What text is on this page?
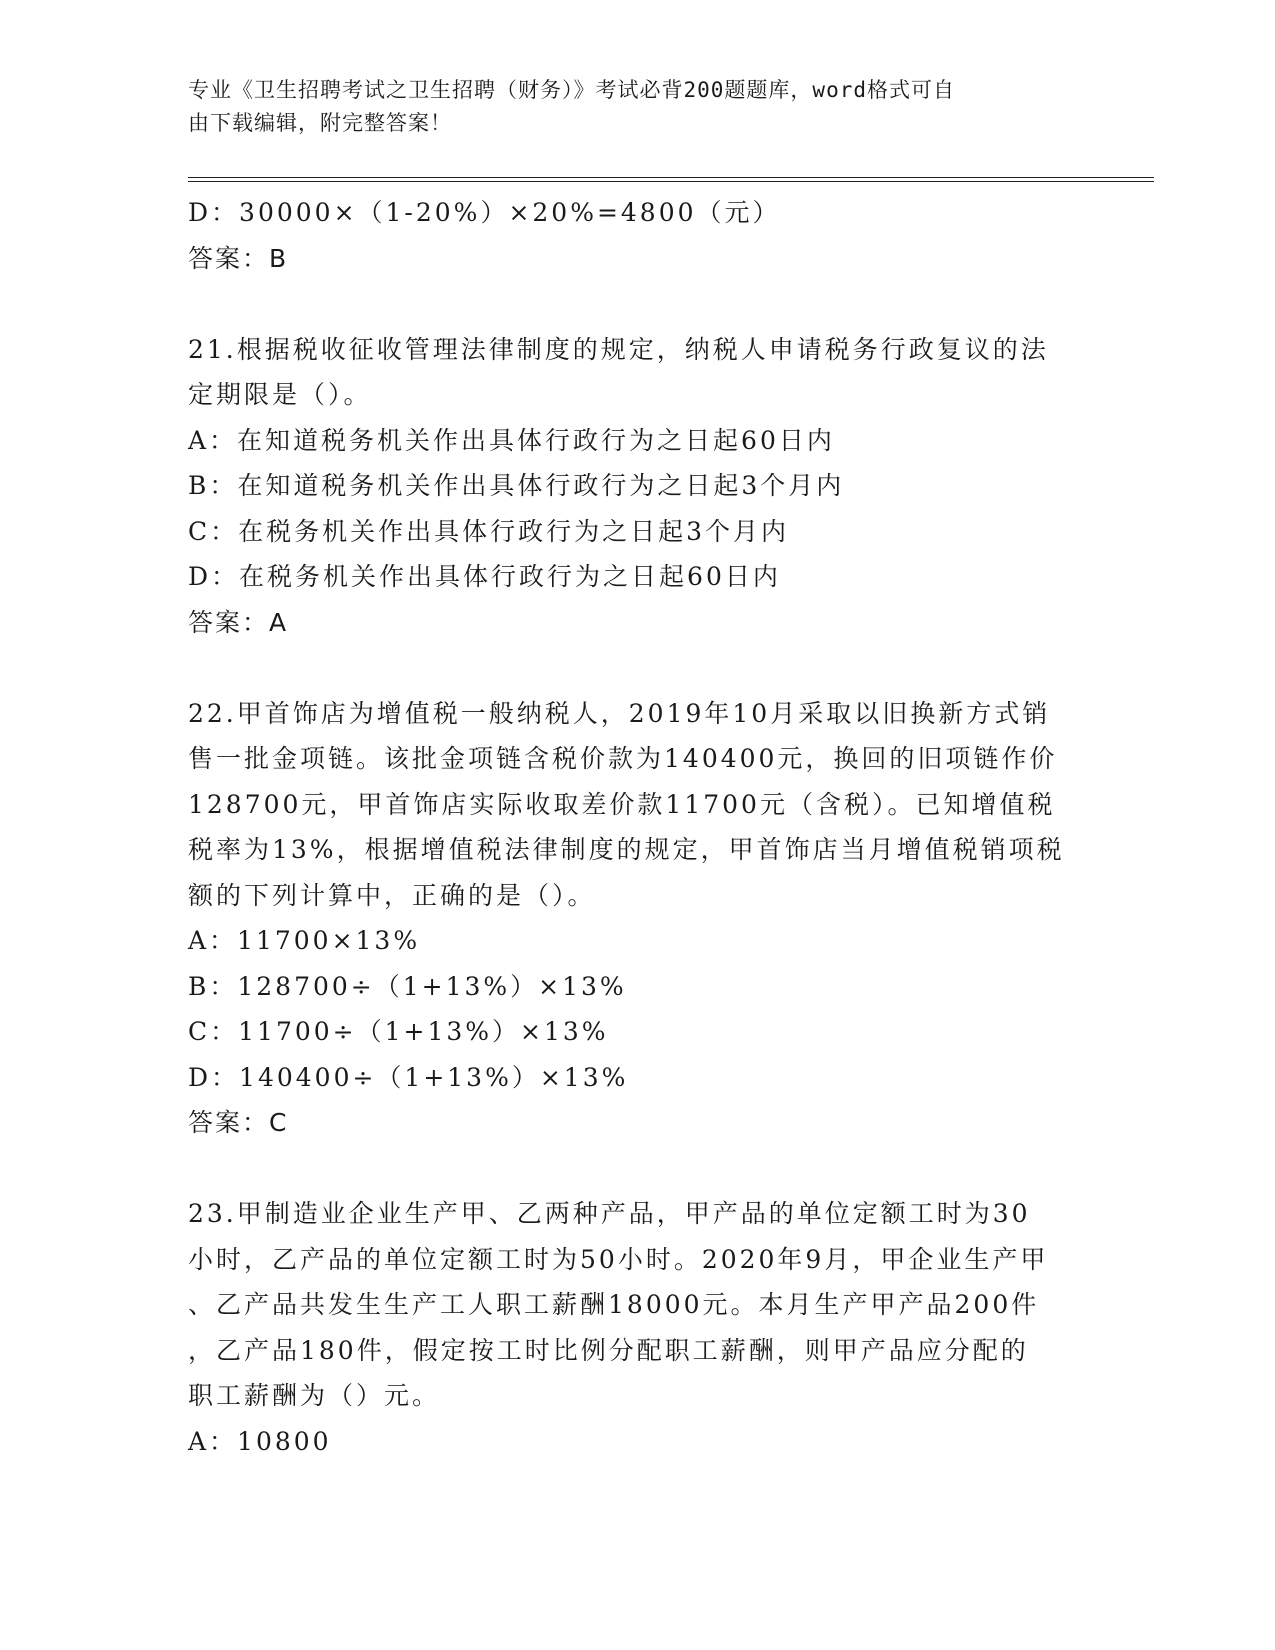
专业《卫生招聘考试之卫生招聘（财务）》考试必背200题题库，word格式可自
由下载编辑，附完整答案！
D：30000×（1-20%）×20%=4800（元）
答案：B
21.根据税收征收管理法律制度的规定，纳税人申请税务行政复议的法
定期限是（）。
A：在知道税务机关作出具体行政行为之日起60日内
B：在知道税务机关作出具体行政行为之日起3个月内
C：在税务机关作出具体行政行为之日起3个月内
D：在税务机关作出具体行政行为之日起60日内
答案：A
22.甲首饰店为增值税一般纳税人，2019年10月采取以旧换新方式销
售一批金项链。该批金项链含税价款为140400元，换回的旧项链作价
128700元，甲首饰店实际收取差价款11700元（含税）。已知增值税
税率为13%，根据增值税法律制度的规定，甲首饰店当月增值税销项税
额的下列计算中，正确的是（）。
A：11700×13%
B：128700÷（1+13%）×13%
C：11700÷（1+13%）×13%
D：140400÷（1+13%）×13%
答案：C
23.甲制造业企业生产甲、乙两种产品，甲产品的单位定额工时为30
小时，乙产品的单位定额工时为50小时。2020年9月，甲企业生产甲
、乙产品共发生生产工人职工薪酬18000元。本月生产甲产品200件
，乙产品180件，假定按工时比例分配职工薪酬，则甲产品应分配的
职工薪酬为（）元。
A：10800
